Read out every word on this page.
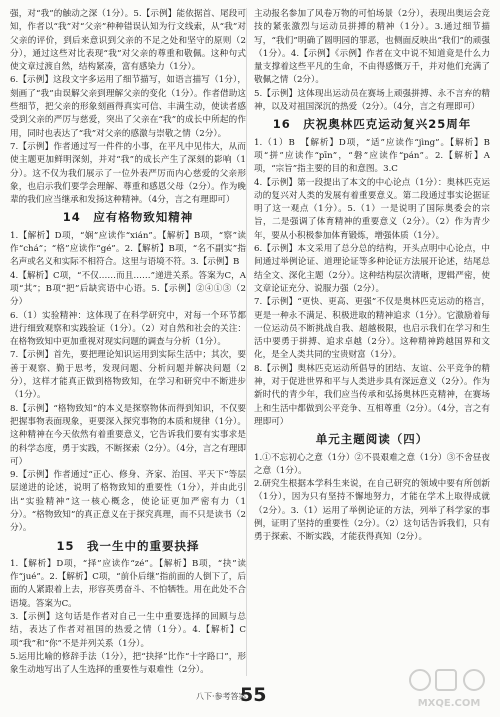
强，对“我”的触动之深（1分）。5.【示例】能依据首、尾段可知，作者以“我”对“父亲”种种错误认知为行文线索，从“我”对父亲的评价，到后来意识到父亲的不足之处和坚守的原则（2分），通过这些对比表现“我”对父亲的尊重和敬佩。这种句式使文章过渡自然，结构紧凑，富有感染力（1分）。

6.【示例】这段文字多运用了细节描写，如语言描写（1分），刻画了“我”由误解父亲到理解父亲的变化（1分）。作者借助这些细节，把父亲的形象刻画得真实可信、丰满生动，使读者感受到父亲的严厉与慈爱，突出了父亲在“我”的成长中所起的作用，同时也表达了“我”对父亲的感激与崇敬之情（2分）。

7.【示例】作者通过写一件件的小事，在平凡中见伟大，从而使主题更加鲜明深刻，并对“我”的成长产生了深刻的影响（1分）。这不仅为我们展示了一位外表严厉而内心慈爱的父亲形象，也启示我们要学会理解、尊重和感恩父母（2分）。作为晚辈的我们应当继承和发扬这种精神。（4分，言之有理即可）

14　应有格物致知精神

1.【解析】D项，“娴”应读作“xián”。【解析】B项，“察”读作“chá”；“格”应读作“gé”。2.【解析】B项，“名不副实”指名声或名义和实际不相符合。这里与语境不符。3.【示例】B

4.【解析】C项，“不仅……而且……”递进关系。答案为C，A项“其”；B项“把”后缺宾语中心语。5.【示例】②④①③（2分）

6.（1）实验精神：这体现了在科学研究中，对每一个环节都进行细致观察和实践验证（1分）。（2）对自然和社会的关注：在格物致知中更加重视对现实问题的调查与分析（1分）。

7.【示例】首先，要把理论知识运用到实际生活中；其次，要善于观察、勤于思考，发现问题、分析问题并解决问题（2分），这样才能真正做到格物致知，在学习和研究中不断进步（1分）。

8.【示例】“格物致知”的本义是探察物体而得到知识，不仅要把握事物表面现象，更要深入探究事物的本质和规律（1分）。这种精神在今天依然有着重要意义，它告诉我们要有实事求是的科学态度，勇于实践，不断探索（2分）。（4分，言之有理即可）

9.【示例】作者通过“正心、修身、齐家、治国、平天下”等层层递进的论述，说明了格物致知的重要性（1分），并由此引出“实验精神”这一核心概念，使论证更加严密有力（1分）。“格物致知”的真正意义在于探究真理，而不只是读书（2分）。

15　我一生中的重要抉择

1.【解析】D项，“择”应读作“zé”。【解析】B项，“抉”读作“jué”。2.【解析】C项，“前仆后继”指前面的人倒下了，后面的人紧跟着上去，形容英勇奋斗、不怕牺牲。用在此处不合语境。答案为C。

3.【示例】这句话是作者对自己一生中重要选择的回顾与总结，表达了作者对祖国的热爱之情（1分）。4.【解析】C项“我”和“你”不是并列关系（1分）。

5.运用比喻的修辞手法（1分），把“抉择”比作“十字路口”，形象生动地写出了人生选择的重要性与艰难性（2分）。

主动报名参加了风卷万物的可怕场景（2分），表现出奥运会竞技的紧张激烈与运动员拼搏的精神（1分）。3.通过细节描写，“我们”明确了圆明园的罪恶，也侧面反映出“我们”的顽强（1分）。4.【示例】《示例】作者在文中说不知道竟是什么力量支撑着这些平凡的生命，不由得感慨万千，并对他们充满了敬佩之情（2分）。

5.【示例】这体现出运动员在赛场上顽强拼搏、永不言弃的精神，以及对祖国深沉的热爱（2分）。（4分，言之有理即可）

16　庆祝奥林匹克运动复兴25周年

1.（1）B　【解析】D项，“适”应读作“jìng”。【解析】B项“拼”应读作“pīn”，“磐”应读作“pán”。2.【解析】A项，“宗旨”指主要的目的和意图。3.C

4.【示例】第一段提出了本文的中心论点（1分）：奥林匹克运动的复兴对人类的发展有着重要意义。第二段通过事实论据证明了这一观点（1分）。5.（1）一是说明了国际奥委会的宗旨，二是强调了体育精神的重要意义（2分）。（2）作为青少年，要从小积极参加体育锻炼，增强体质（1分）。

6.【示例】本文采用了总分总的结构，开头点明中心论点，中间通过举例论证、道理论证等多种论证方法展开论述，结尾总结全文、深化主题（2分）。这种结构层次清晰，逻辑严密，使文章论证充分、说服力强（2分）。

7.【示例】“更快、更高、更强”不仅是奥林匹克运动的格言，更是一种永不满足、积极进取的精神追求（1分）。它激励着每一位运动员不断挑战自我、超越极限，也启示我们在学习和生活中要勇于拼搏、追求卓越（2分）。这种精神跨越国界和文化，是全人类共同的宝贵财富（1分）。

8.【示例】奥林匹克运动所倡导的团结、友谊、公平竞争的精神，对于促进世界和平与人类进步具有深远意义（2分）。作为新时代的青少年，我们应当传承和弘扬奥林匹克精神，在赛场上和生活中都做到公平竞争、互相尊重（2分）。（4分，言之有理即可）

单元主题阅读（四）

1.①不忘初心之意（1分）②不畏艰难之意（1分）③不舍昼夜之意（1分）。

2.研究生根据本学科生来说，在自己研究的领域中要有所创新（1分），因为只有坚持不懈地努力，才能在学术上取得成就（2分）。3.（1）运用了举例论证的方法，列举了科学家的事例，证明了坚持的重要性（2分）。（2）这句话告诉我们，只有勇于探索、不断实践，才能获得真知（2分）。

八下·参考答案
55	MXQE.COM
